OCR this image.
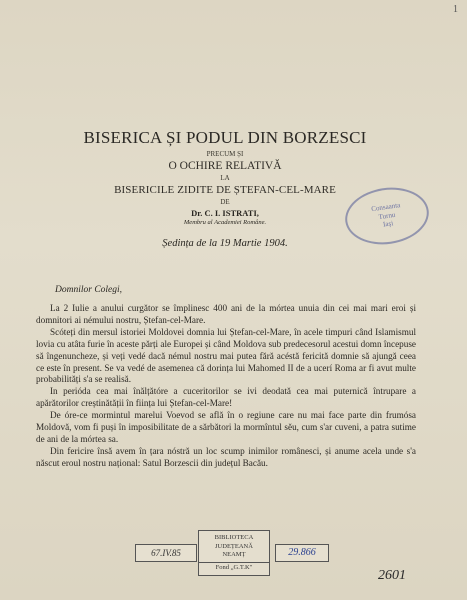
1
BISERICA ȘI PODUL DIN BORZESCI
PRECUM ȘI
O OCHIRE RELATIVĂ
LA
BISERICILE ZIDITE DE ȘTEFAN-CEL-MARE
DE
Dr. C. I. ISTRATI,
Membru al Academiei Române.
Ședința de la 19 Martie 1904.
Consaanta
Turnu
Iași
Domnilor Colegi,

La 2 Iulie a anului curgător se împlinesc 400 ani de la mórtea unuia din cei mai mari eroi și domnitori ai némului nostru, Ștefan-cel-Mare.

Scóteți din mersul istoriei Moldovei domnia lui Ștefan-cel-Mare, în acele timpuri când Islamismul lovia cu atâta furie în aceste părți ale Europei și când Moldova sub predecesorul acestui domn începuse să îngenuncheze, și veți vedé dacă némul nostru mai putea fără acéstă fericită domnie să ajungă ceea ce este în present. Se va vedé de asemenea că dorința lui Mahomed II de a ucerí Roma ar fi avut multe probabilități s'a se realisă.

In perióda cea mai înălțătóre a cuceritorilor se ivi deodată cea mai puternică întrupare a apărătorilor creștinătății în ființa lui Ștefan-cel-Mare!

De óre-ce mormintul marelui Voevod se află în o regiune care nu mai face parte din frumósa Moldovă, vom fi puși în imposibilitate de a sărbători la mormîntul sĕu, cum s'ar cuveni, a patra sutime de ani de la mórtea sa.

Din fericire însă avem în țara nóstră un loc scump inimilor românesci, și anume acela unde s'a născut eroul nostru național: Satul Borzescii din județul Bacău.

67.IV.85
BIBLIOTECA
JUDEȚEANĂ
NEAMȚ
Fond „G.T.K"
29.866
2601
